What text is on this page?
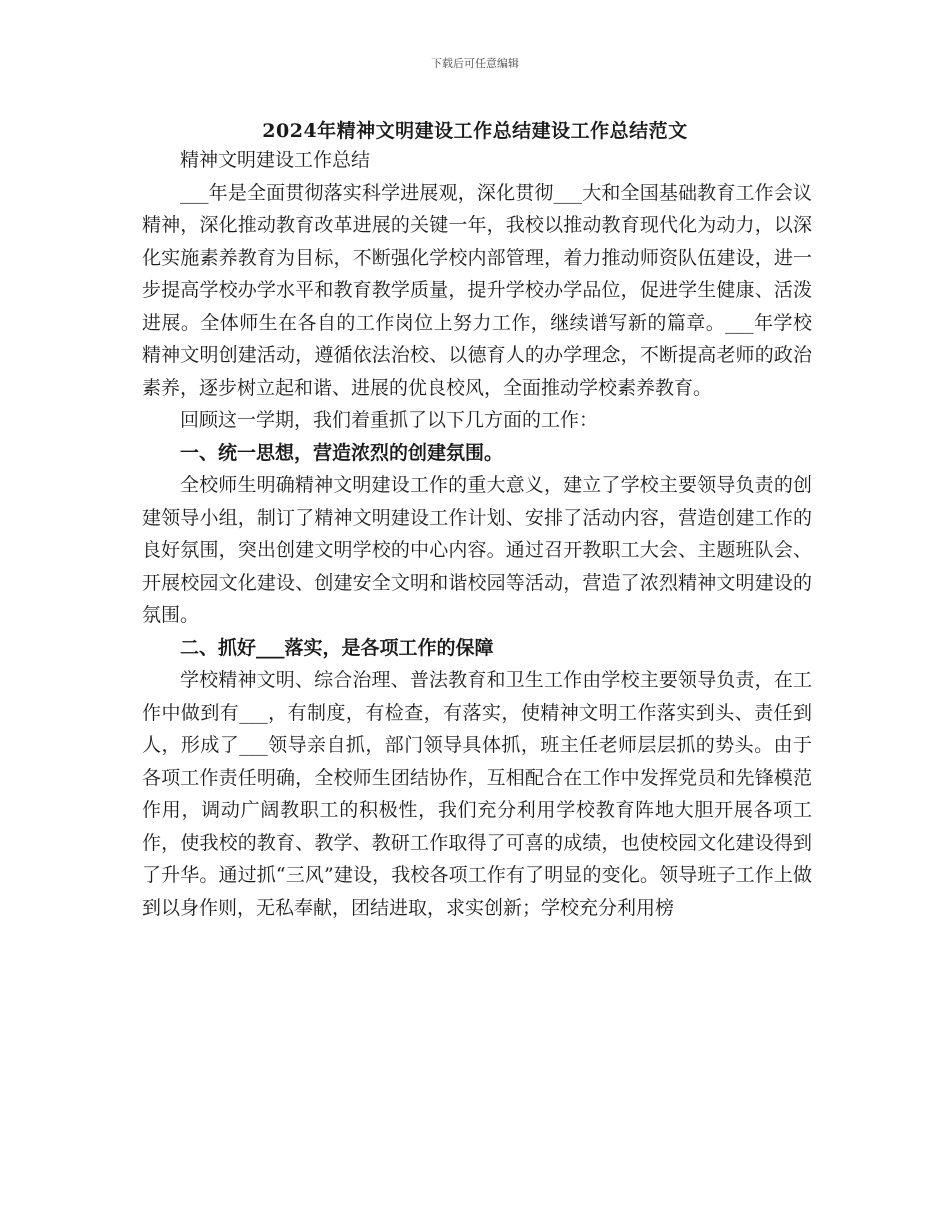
下载后可任意编辑
2024年精神文明建设工作总结建设工作总结范文

精神文明建设工作总结

___年是全面贯彻落实科学进展观，深化贯彻___大和全国基础教育工作会议精神，深化推动教育改革进展的关键一年，我校以推动教育现代化为动力，以深化实施素养教育为目标，不断强化学校内部管理，着力推动师资队伍建设，进一步提高学校办学水平和教育教学质量，提升学校办学品位，促进学生健康、活泼进展。全体师生在各自的工作岗位上努力工作，继续谱写新的篇章。___年学校精神文明创建活动，遵循依法治校、以德育人的办学理念，不断提高老师的政治素养，逐步树立起和谐、进展的优良校风，全面推动学校素养教育。

回顾这一学期，我们着重抓了以下几方面的工作：

一、统一思想，营造浓烈的创建氛围。

全校师生明确精神文明建设工作的重大意义，建立了学校主要领导负责的创建领导小组，制订了精神文明建设工作计划、安排了活动内容，营造创建工作的良好氛围，突出创建文明学校的中心内容。通过召开教职工大会、主题班队会、开展校园文化建设、创建安全文明和谐校园等活动，营造了浓烈精神文明建设的氛围。

二、抓好___落实，是各项工作的保障

学校精神文明、综合治理、普法教育和卫生工作由学校主要领导负责，在工作中做到有___，有制度，有检查，有落实，使精神文明工作落实到头、责任到人，形成了___领导亲自抓，部门领导具体抓，班主任老师层层抓的势头。由于各项工作责任明确，全校师生团结协作，互相配合在工作中发挥党员和先锋模范作用，调动广阔教职工的积极性，我们充分利用学校教育阵地大胆开展各项工作，使我校的教育、教学、教研工作取得了可喜的成绩，也使校园文化建设得到了升华。通过抓“三风”建设，我校各项工作有了明显的变化。领导班子工作上做到以身作则，无私奉献，团结进取，求实创新；学校充分利用榜
